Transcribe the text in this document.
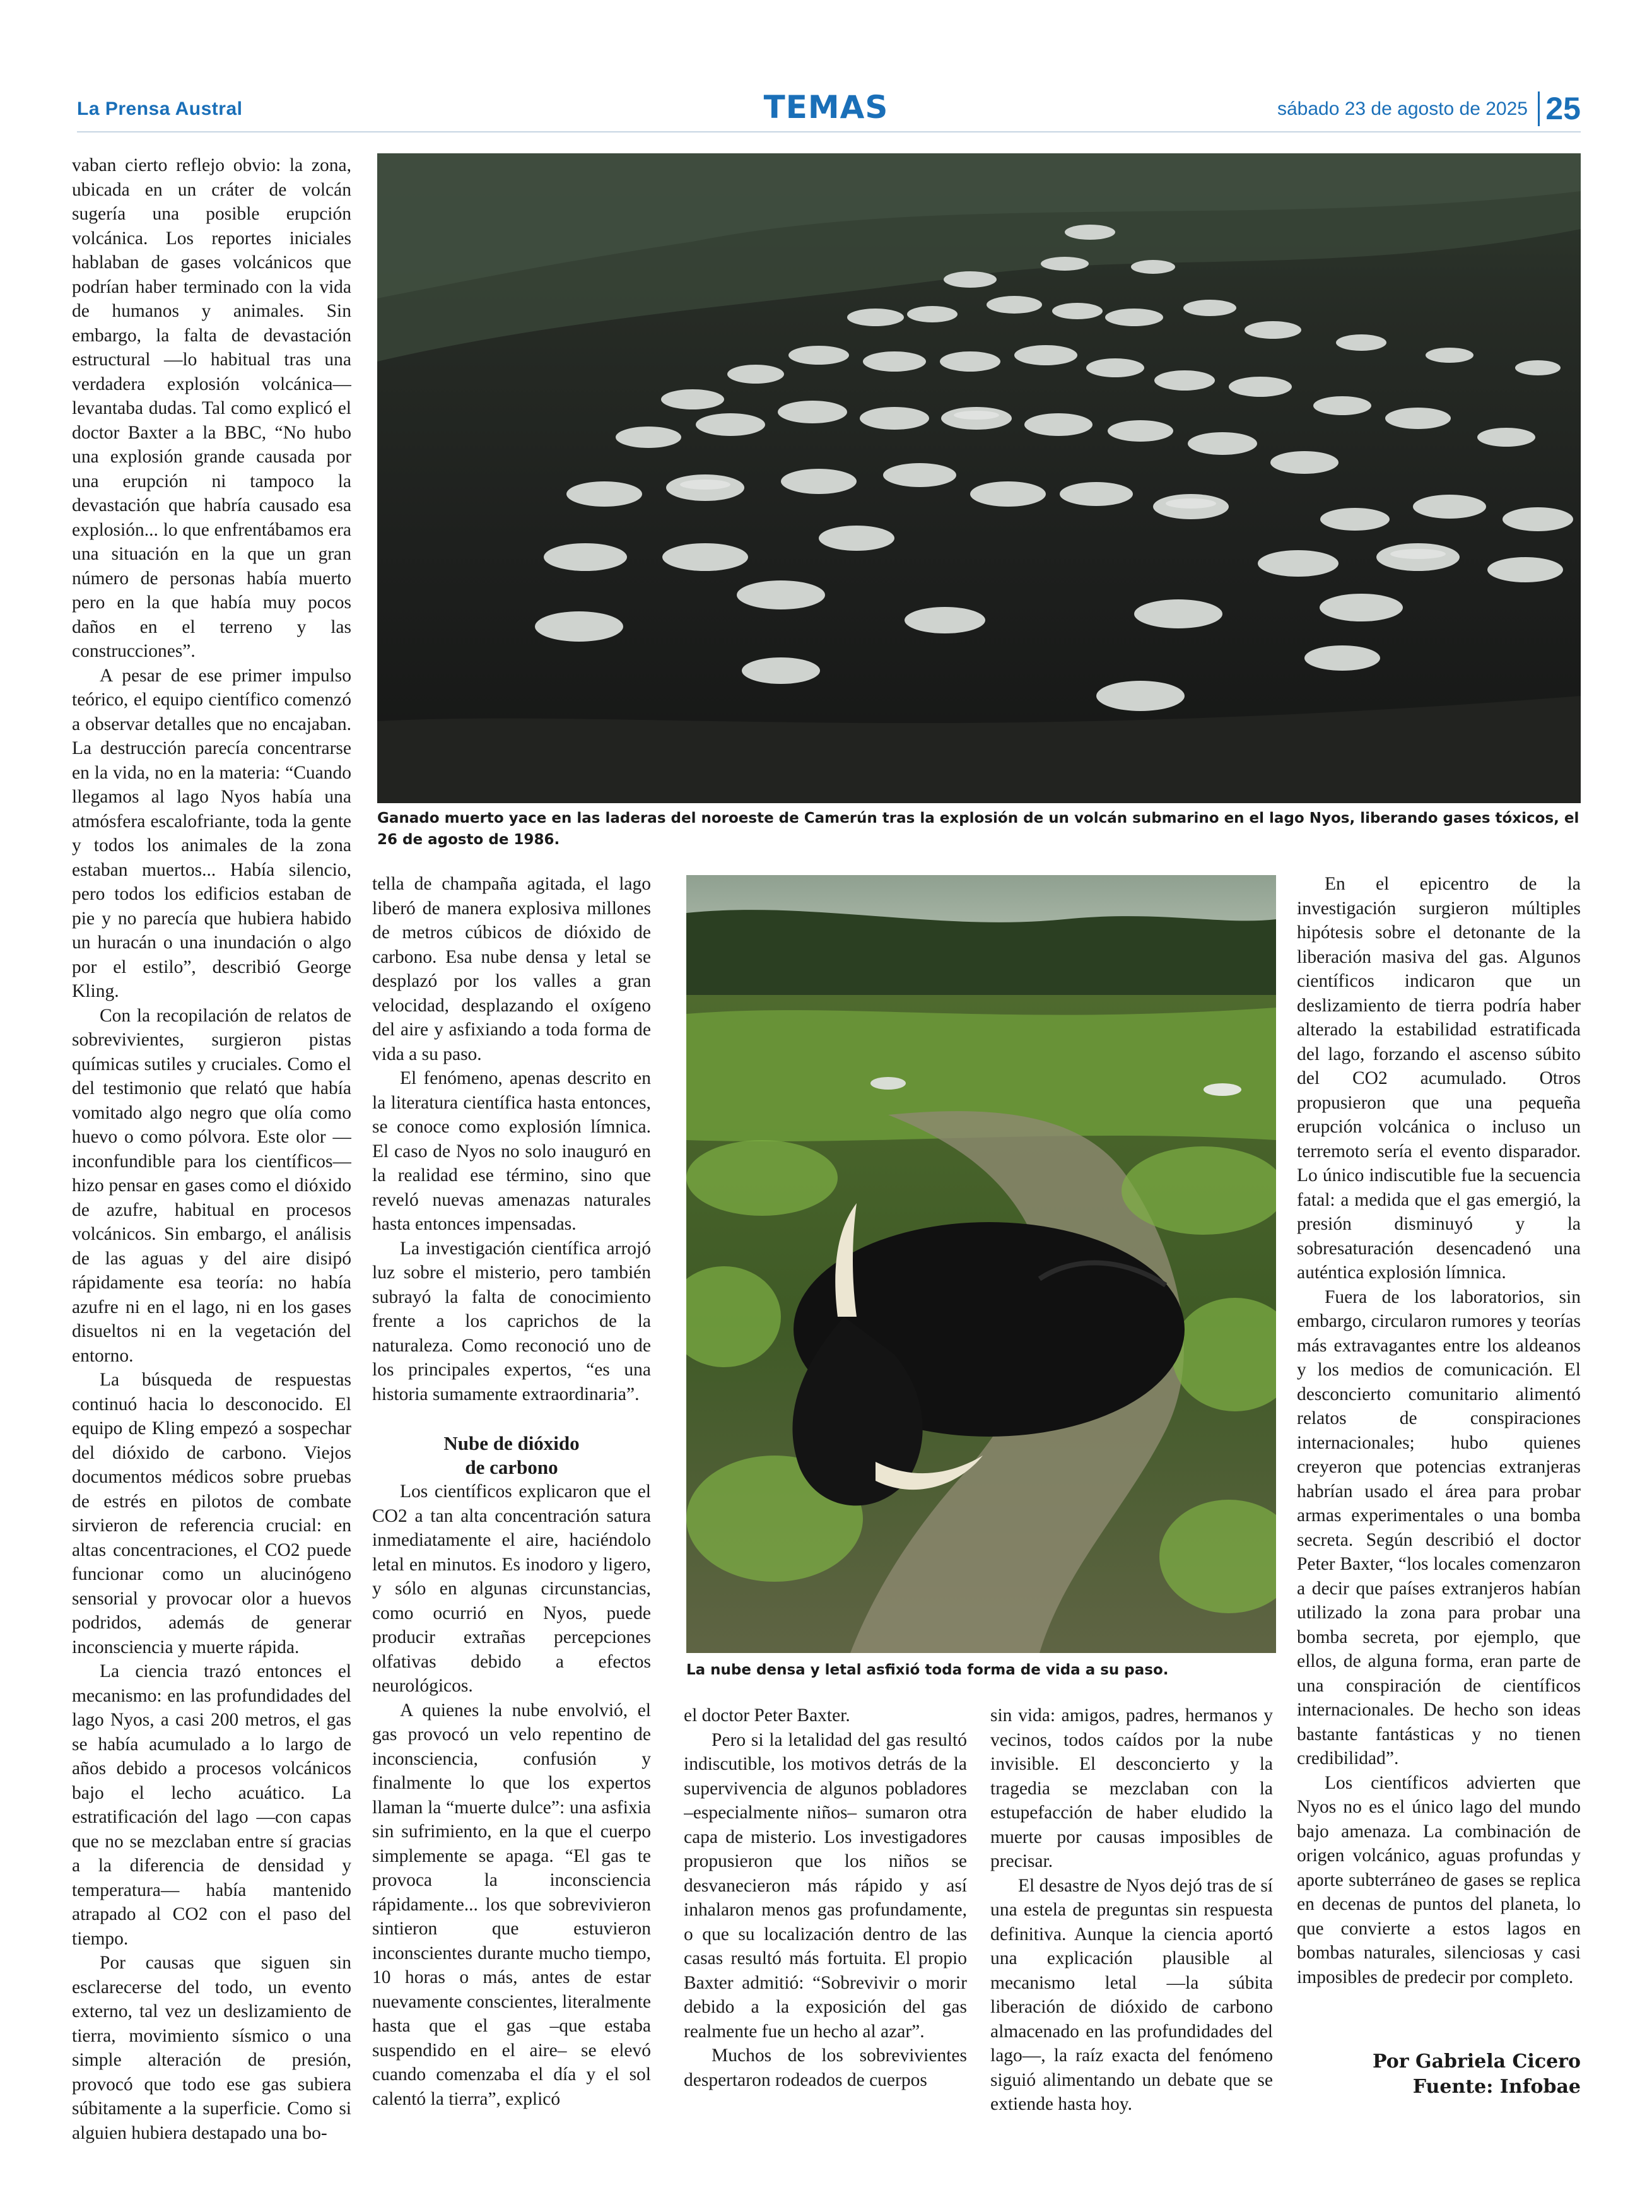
La Prensa Austral	TEMAS	sábado 23 de agosto de 2025 25
Ganado muerto yace en las laderas del noroeste de Camerún tras la explosión de un volcán submarino en el lago Nyos, liberando gases tóxicos, el 26 de agosto de 1986.
La nube densa y letal asfixió toda forma de vida a su paso.

vaban cierto reflejo obvio: la zona, ubicada en un cráter de volcán sugería una posible erupción volcánica. Los reportes iniciales hablaban de gases volcánicos que podrían haber terminado con la vida de humanos y animales. Sin embargo, la falta de devastación estructural —lo habitual tras una verdadera explosión volcánica— levantaba dudas. Tal como explicó el doctor Baxter a la BBC, “No hubo una explosión grande causada por una erupción ni tampoco la devastación que habría causado esa explosión... lo que enfrentábamos era una situación en la que un gran número de personas había muerto pero en la que había muy pocos daños en el terreno y las construcciones”.

A pesar de ese primer impulso teórico, el equipo científico comenzó a observar detalles que no encajaban. La destrucción parecía concentrarse en la vida, no en la materia: “Cuando llegamos al lago Nyos había una atmósfera escalofriante, toda la gente y todos los animales de la zona estaban muertos... Había silencio, pero todos los edificios estaban de pie y no parecía que hubiera habido un huracán o una inundación o algo por el estilo”, describió George Kling.

Con la recopilación de relatos de sobrevivientes, surgieron pistas químicas sutiles y cruciales. Como el del testimonio que relató que había vomitado algo negro que olía como huevo o como pólvora. Este olor —inconfundible para los científicos— hizo pensar en gases como el dióxido de azufre, habitual en procesos volcánicos. Sin embargo, el análisis de las aguas y del aire disipó rápidamente esa teoría: no había azufre ni en el lago, ni en los gases disueltos ni en la vegetación del entorno.

La búsqueda de respuestas continuó hacia lo desconocido. El equipo de Kling empezó a sospechar del dióxido de carbono. Viejos documentos médicos sobre pruebas de estrés en pilotos de combate sirvieron de referencia crucial: en altas concentraciones, el CO2 puede funcionar como un alucinógeno sensorial y provocar olor a huevos podridos, además de generar inconsciencia y muerte rápida.

La ciencia trazó entonces el mecanismo: en las profundidades del lago Nyos, a casi 200 metros, el gas se había acumulado a lo largo de años debido a procesos volcánicos bajo el lecho acuático. La estratificación del lago —con capas que no se mezclaban entre sí gracias a la diferencia de densidad y temperatura— había mantenido atrapado al CO2 con el paso del tiempo.

Por causas que siguen sin esclarecerse del todo, un evento externo, tal vez un deslizamiento de tierra, movimiento sísmico o una simple alteración de presión, provocó que todo ese gas subiera súbitamente a la superficie. Como si alguien hubiera destapado una bo-

tella de champaña agitada, el lago liberó de manera explosiva millones de metros cúbicos de dióxido de carbono. Esa nube densa y letal se desplazó por los valles a gran velocidad, desplazando el oxígeno del aire y asfixiando a toda forma de vida a su paso.

El fenómeno, apenas descrito en la literatura científica hasta entonces, se conoce como explosión límnica. El caso de Nyos no solo inauguró en la realidad ese término, sino que reveló nuevas amenazas naturales hasta entonces impensadas.

La investigación científica arrojó luz sobre el misterio, pero también subrayó la falta de conocimiento frente a los caprichos de la naturaleza. Como reconoció uno de los principales expertos, “es una historia sumamente extraordinaria”.

Nube de dióxido
de carbono

Los científicos explicaron que el CO2 a tan alta concentración satura inmediatamente el aire, haciéndolo letal en minutos. Es inodoro y ligero, y sólo en algunas circunstancias, como ocurrió en Nyos, puede producir extrañas percepciones olfativas debido a efectos neurológicos.

A quienes la nube envolvió, el gas provocó un velo repentino de inconsciencia, confusión y finalmente lo que los expertos llaman la “muerte dulce”: una asfixia sin sufrimiento, en la que el cuerpo simplemente se apaga. “El gas te provoca la inconsciencia rápidamente... los que sobrevivieron sintieron que estuvieron inconscientes durante mucho tiempo, 10 horas o más, antes de estar nuevamente conscientes, literalmente hasta que el gas –que estaba suspendido en el aire– se elevó cuando comenzaba el día y el sol calentó la tierra”, explicó

el doctor Peter Baxter.

Pero si la letalidad del gas resultó indiscutible, los motivos detrás de la supervivencia de algunos pobladores –especialmente niños– sumaron otra capa de misterio. Los investigadores propusieron que los niños se desvanecieron más rápido y así inhalaron menos gas profundamente, o que su localización dentro de las casas resultó más fortuita. El propio Baxter admitió: “Sobrevivir o morir debido a la exposición del gas realmente fue un hecho al azar”.

Muchos de los sobrevivientes despertaron rodeados de cuerpos

sin vida: amigos, padres, hermanos y vecinos, todos caídos por la nube invisible. El desconcierto y la tragedia se mezclaban con la estupefacción de haber eludido la muerte por causas imposibles de precisar.

El desastre de Nyos dejó tras de sí una estela de preguntas sin respuesta definitiva. Aunque la ciencia aportó una explicación plausible al mecanismo letal —la súbita liberación de dióxido de carbono almacenado en las profundidades del lago—, la raíz exacta del fenómeno siguió alimentando un debate que se extiende hasta hoy.

En el epicentro de la investigación surgieron múltiples hipótesis sobre el detonante de la liberación masiva del gas. Algunos científicos indicaron que un deslizamiento de tierra podría haber alterado la estabilidad estratificada del lago, forzando el ascenso súbito del CO2 acumulado. Otros propusieron que una pequeña erupción volcánica o incluso un terremoto sería el evento disparador. Lo único indiscutible fue la secuencia fatal: a medida que el gas emergió, la presión disminuyó y la sobresaturación desencadenó una auténtica explosión límnica.

Fuera de los laboratorios, sin embargo, circularon rumores y teorías más extravagantes entre los aldeanos y los medios de comunicación. El desconcierto comunitario alimentó relatos de conspiraciones internacionales; hubo quienes creyeron que potencias extranjeras habrían usado el área para probar armas experimentales o una bomba secreta. Según describió el doctor Peter Baxter, “los locales comenzaron a decir que países extranjeros habían utilizado la zona para probar una bomba secreta, por ejemplo, que ellos, de alguna forma, eran parte de una conspiración de científicos internacionales. De hecho son ideas bastante fantásticas y no tienen credibilidad”.

Los científicos advierten que Nyos no es el único lago del mundo bajo amenaza. La combinación de origen volcánico, aguas profundas y aporte subterráneo de gases se replica en decenas de puntos del planeta, lo que convierte a estos lagos en bombas naturales, silenciosas y casi imposibles de predecir por completo.

Por Gabriela Cicero
Fuente: Infobae
